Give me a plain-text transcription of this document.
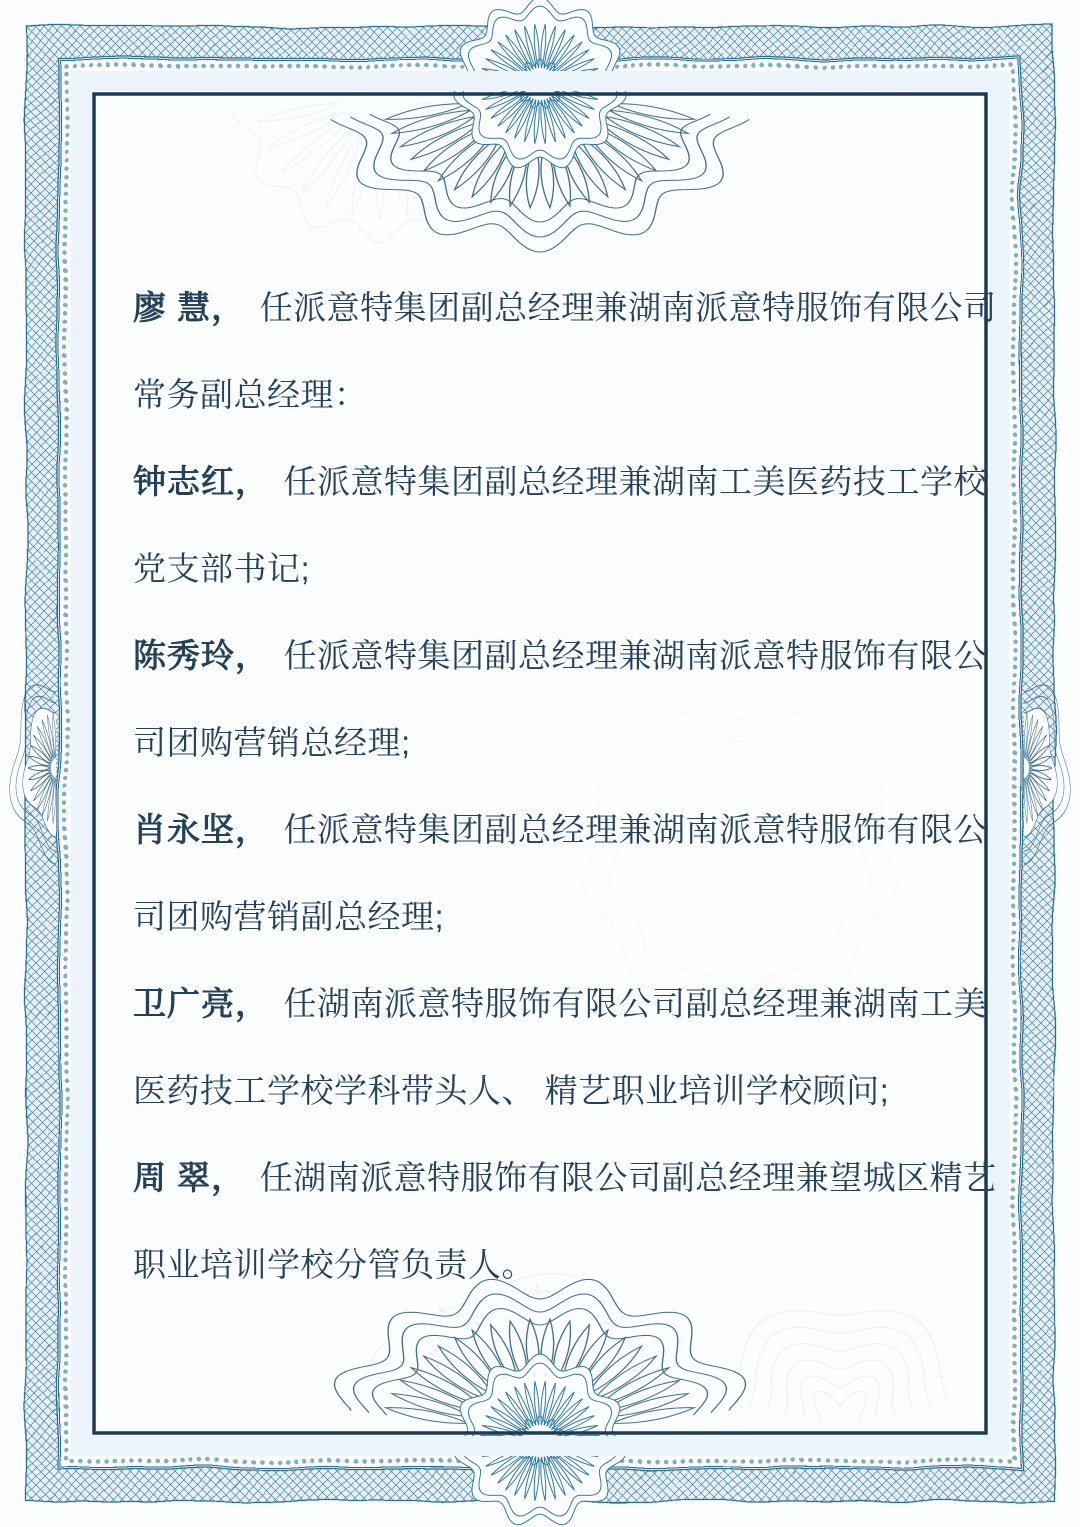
廖 慧 ， 任派意特集团副总经理兼湖南派意特服饰有限公司
常务副总经理：
钟志红 ， 任派意特集团副总经理兼湖南工美医药技工学校
党支部书记;
陈秀玲 ， 任派意特集团副总经理兼湖南派意特服饰有限公
司团购营销总经理;
肖永坚 ， 任派意特集团副总经理兼湖南派意特服饰有限公
司团购营销副总经理;
卫广亮 ， 任湖南派意特服饰有限公司副总经理兼湖南工美
医药技工学校学科带头人、 精艺职业培训学校顾问;
周 翠 ， 任湖南派意特服饰有限公司副总经理兼望城区精艺
职业培训学校分管负责人。
